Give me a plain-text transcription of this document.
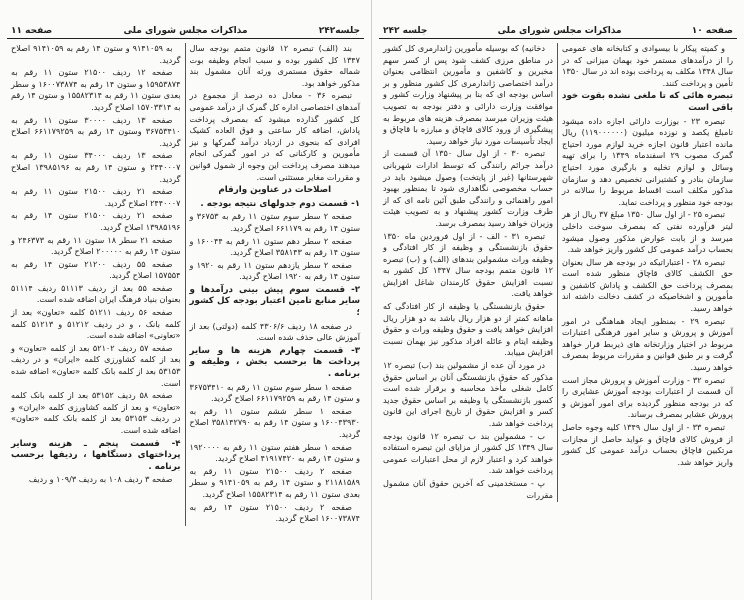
جلسه۲۴۲
مذاکرات مجلس شورای ملی
صفحه ۱۱

بند (الف) تبصره ۱۲ قانون متمم بودجه سال ۱۳۴۷ کل کشور بوده و سبب انجام وظیفه بوت شماله حقوق مستمری ورثه آنان مشمول بند مذکور خواهد بود.

تبصره ۳۶ - معادل ده درصد از مجموع در آمدهای اختصاصی اداره کل گمرک از درآمد عمومی کل کشور گذارده میشود که بمصرف پرداخت پاداش، اضافه کار ساعتی و فوق العاده کشیک افرادی که بنحوی در ازدیاد درآمد گمرکها و نیز مأمورین و کارکنانی که در امور گمرکی انجام میدهند مصرف پرداخت این وجوه از شمول قوانین و مقررات مغایر مستثنی است.

اصلاحات در عناوین وارقام

۱- قسمت دوم جدولهای نتیجه بودجه .

صفحه ۲ سطر سوم ستون ۱۱ رقم به ۳۶۷۵۳ و ستون ۱۴ رقم به ۶۶۱۱۷۹ اصلاح گردید.

صفحه ۲ سطر دهم ستون ۱۱ رقم به ۱۶۰۰۴۴ و ستون ۱۴ رقم به ۳۵۸۱۴۳ اصلاح گردید.

صفحه ۲ سطر یازدهم ستون ۱۱ رقم به ۱۹۲۰ و ستون ۱۴ رقم به ۱۹۲۰ اصلاح گردید.

۲- قسمت سوم پیش بینی درآمدها و سایر منابع تامین اعتبار بودجه کل کشور ؛

در صفحه ۱۸ ردیف ۴۳۰۶/۶ کلمه (دولتی) بعد از آموزش عالی حذف شده است.

۳- قسمت چهارم هزینه ها و سایر پرداخت ها برحسب بخش ، وظیفه و برنامه .

صفحه ۱ سطر سوم ستون ۱۱ رقم به ۳۶۷۵۳۴۱۰ و ستون ۱۴ رقم به ۶۶۱۱۷۹۲۵۹ اصلاح گردید.

صفحه ۱ سطر ششم ستون ۱۱ رقم به ۱۶۰۰۴۳۹۳۰ و ستون ۱۴ رقم به ۳۵۸۱۴۲۷۹۰ اصلاح گردید.

صفحه ۱ سطر هفتم ستون ۱۱ رقم به ۱۹۲۰۰۰۰ و ستون ۱۴ رقم به ۴۱۹۱۷۴۲۰ اصلاح گردید.

صفحه ۲ ردیف ۲۱۵۰۰ ستون ۱۱ رقم به ۲۱۱۸۱۵۸۹ و ستون ۱۴ رقم به ۹۱۴۱۰۵۹ و سطر بعدی ستون ۱۱ رقم به ۱۵۵۸۲۳۱۴ اصلاح گردید.

صفحه ۲ ردیف ۲۱۵۰۰ ستون ۱۴ رقم به ۱۶۰۰۷۳۸۷۴ اصلاح گردید.

به ۹۱۴۱۰۵۹ و ستون ۱۴ رقم به ۹۱۴۱۰۵۹ اصلاح گردید.

صفحه ۱۲ ردیف ۲۱۵۰۰ ستون ۱۱ رقم به ۱۵۹۵۳۸۷۴ و ستون ۱۴ رقم به ۱۶۰۰۷۳۸۷۴ و سطر بعدی ستون ۱۱ رقم به ۱۵۵۸۲۳۱۴ و ستون ۱۴ رقم به ۱۵۷۰۳۳۱۴ اصلاح گردید.

صفحه ۱۳ ردیف ۳۰۰۰۰ ستون ۱۱ رقم به ۳۶۷۵۳۴۱۰ وستون ۱۴ رقم به ۶۶۱۱۷۹۲۵۹ اصلاح گردید.

صفحه ۱۳ ردیف ۳۴۰۰۰ ستون ۱۱ رقم به ۲۴۴۰۰۰۷ و ستون ۱۴ رقم به ۱۳۹۸۵۱۹۶ اصلاح گردید.

صفحه ۲۱ ردیف ۲۱۵۰۰ ستون ۱۱ رقم به ۲۴۴۰۰۰۷ اصلاح گردید.

صفحه ۲۱ ردیف ۲۱۵۰۰ ستون ۱۴ رقم به ۱۳۹۸۵۱۹۶ اصلاح گردید.

صفحه ۲۱ سطر ۱۸ ستون ۱۱ رقم به ۲۴۶۳۷۳ و ستون ۱۴ رقم به ۲۰۰۰۰۰ اصلاح گردید.

صفحه ۵۵ ردیف ۲۱۲۰۰ ستون ۱۴ رقم به ۱۵۷۵۵۴ اصلاح گردید.

صفحه ۵۵ بعد از ردیف ۵۱۱۱۳ ردیف ۵۱۱۱۴ بعنوان بنیاد فرهنگ ایران اضافه شده است.

صفحه ۵۶ ردیف ۵۱۲۱۱ کلمه «تعاون» بعد از کلمه بانک ، و در ردیف ۵۱۲۱۲ و ۵۱۲۱۳ کلمه «تعاونی» اضافه شده است.

صفحه ۵۷ ردیف ۵۲۱۰۲ بعد از کلمه «تعاون» و بعد از کلمه کشاورزی کلمه «ایران» و در ردیف ۵۳۱۵۳ بعد از کلمه بانک کلمه «تعاون» اضافه شده است.

صفحه ۵۸ ردیف ۵۳۱۵۲ بعد از کلمه بانک کلمه «تعاون» و بعد از کلمه کشاورزی کلمه «ایران» و در ردیف ۵۳۱۵۳ بعد از کلمه بانک کلمه «تعاون» اضافه شده است.

۴- قسمت پنجم ـ هزینه وسایر پرداختهای دستگاهها ، ردیفها برحسب برنامه .

صفحه ۳ ردیف ۱۰۸ به ردیف ۱۰۹/۳ و ردیف

صفحه ۱۰
مذاکرات مجلس شورای ملی
جلسه ۲۴۲

و کمیته پیکار با بیسوادی و کتابخانه های عمومی را از درآمدهای مستمر خود بهمان میزانی که در سال ۱۳۴۸ مکلف به پرداخت بوده اند در سال ۱۳۵۰ تأمین و پرداخت کنند.

تبصره هائی که تا ملغی نشده بقوت خود باقی است

تبصره ۲۳ - بوزارت دارائی اجازه داده میشود تامبلغ یکصد و نوزده میلیون (۱۱۹۰۰۰۰۰۰) ریال مانده اعتبار قانون اجازه خرید لوازم مورد احتیاج گمرک مصوب ۲۹ اسفندماه ۱۳۴۹ را برای تهیه وسائل و لوازم تخلیه و بارگیری مورد احتیاج سازمان بنادر و کشتیرانی تخصیص دهد و سازمان مذکور مکلف است اقساط مربوط را سالانه در بودجه خود منظور و پرداخت نماید.

تبصره ۲۵ - از اول سال ۱۳۵۰ مبلغ ۳۷ ریال از هر لیتر فرآورده نفتی که بمصرف سوخت داخلی میرسد و از بابت عوارض مذکور وصول میشود بحساب درآمد عمومی کل کشور واریز خواهد شد.

تبصره ۲۸ - اعتباراتیکه در بودجه هر سال بعنوان حق الکشف کالای قاچاق منظور شده است بمصرف پرداخت حق الکشف و پاداش کاشفین و مأمورین و اشخاصیکه در کشف دخالت داشته اند خواهد رسید.

تبصره ۲۹ - بمنظور ایجاد هماهنگی در امور آموزش و پرورش و سایر امور فرهنگی اعتبارات مربوط در اختیار وزارتخانه های ذیربط قرار خواهد گرفت و بر طبق قوانین و مقررات مربوط بمصرف خواهد رسید.

تبصره ۳۲ - وزارت آموزش و پرورش مجاز است آن قسمت از اعتبارات بودجه آموزش عشایری را که در بودجه منظور گردیده برای امور آموزش و پرورش عشایر بمصرف برساند.

تبصره ۳۳ - از اول سال ۱۳۴۹ کلیه وجوه حاصل از فروش کالای قاچاق و عواید حاصل از مجازات مرتکبین قاچاق بحساب درآمد عمومی کل کشور واریز خواهد شد.

دخانیه) که بوسیله مأمورین ژاندارمری کل کشور در مناطق مرزی کشف شود پس از کسر سهم مخبرین و کاشفین و مأمورین انتظامی بعنوان درآمد اختصاصی ژاندارمری کل کشور منظور و بر اساس بودجه ای که بنا بر پیشنهاد وزارت کشور و موافقت وزارت دارائی و دفتر بودجه به تصویب هیئت وزیران میرسد بمصرف هزینه های مربوط به پیشگیری از ورود کالای قاچاق و مبارزه با قاچاق و ایجاد تأسیسات مورد نیاز خواهد رسید.

تبصره ۳۰ - از اول سال ۱۳۵۰ آن قسمت از درآمد جرائم رانندگی که توسط ادارات شهربانی شهرستانها (غیر از پایتخت) وصول میشود باید در حساب مخصوصی نگاهداری شود تا بمنظور بهبود امور راهنمائی و رانندگی طبق آئین نامه ای که از طرف وزارت کشور پیشنهاد و به تصویب هیئت وزیران خواهد رسید بمصرف برسد.

تبصره ۳۱ - الف - از اول فروردین ماه ۱۳۵۰ حقوق بازنشستگی و وظیفه از کار افتادگی و وظیفه وراث مشمولین بندهای (الف) و (ب) تبصره ۱۲ قانون متمم بودجه سال ۱۳۴۷ کل کشور به نسبت افزایش حقوق کارمندان شاغل افزایش خواهد یافت.

حقوق بازنشستگی یا وظیفه از کار افتادگی که ماهانه کمتر از دو هزار ریال باشد به دو هزار ریال افزایش خواهد یافت و حقوق وظیفه وراث و حقوق وظیفه ایتام و عائله افراد مذکور نیز بهمان نسبت افزایش مییابد.

در مورد آن عده از مشمولین بند (ب) تبصره ۱۲ مذکور که حقوق بازنشستگی آنان بر اساس حقوق کامل شغلی مأخذ محاسبه و برقرار شده است کسور بازنشستگی یا وظیفه بر اساس حقوق جدید کسر و افزایش حقوق از تاریخ اجرای این قانون پرداخت خواهد شد.

ب - مشمولین بند ب تبصره ۱۲ قانون بودجه سال ۱۳۴۹ کل کشور از مزایای این تبصره استفاده خواهند کرد و اعتبار لازم از محل اعتبارات عمومی پرداخت خواهد شد.

پ - مستخدمینی که آخرین حقوق آنان مشمول مقررات
